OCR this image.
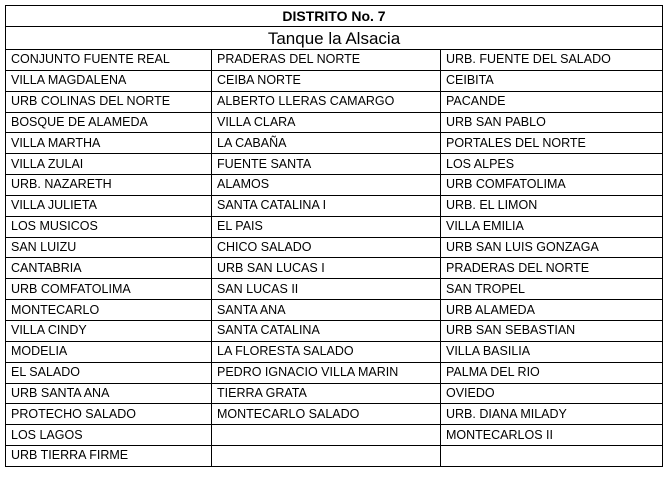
DISTRITO No. 7		
Tanque la Alsacia		
CONJUNTO FUENTE REAL	PRADERAS DEL NORTE	URB. FUENTE DEL SALADO
VILLA MAGDALENA	CEIBA NORTE	CEIBITA
URB COLINAS DEL NORTE	ALBERTO LLERAS CAMARGO	PACANDE
BOSQUE DE ALAMEDA	VILLA CLARA	URB SAN PABLO
VILLA MARTHA	LA CABAÑA	PORTALES DEL NORTE
VILLA ZULAI	FUENTE SANTA	LOS ALPES
URB. NAZARETH	ALAMOS	URB COMFATOLIMA
VILLA JULIETA	SANTA CATALINA I	URB. EL LIMON
LOS MUSICOS	EL PAIS	VILLA EMILIA
SAN LUIZU	CHICO SALADO	URB SAN LUIS GONZAGA
CANTABRIA	URB SAN LUCAS I	PRADERAS DEL NORTE
URB COMFATOLIMA	SAN LUCAS II	SAN TROPEL
MONTECARLO	SANTA ANA	URB ALAMEDA
VILLA CINDY	SANTA CATALINA	URB SAN SEBASTIAN
MODELIA	LA FLORESTA SALADO	VILLA BASILIA
EL SALADO	PEDRO IGNACIO VILLA MARIN	PALMA DEL RIO
URB SANTA ANA	TIERRA GRATA	OVIEDO
PROTECHO SALADO	MONTECARLO SALADO	URB. DIANA MILADY
LOS LAGOS		MONTECARLOS II
URB TIERRA FIRME		
